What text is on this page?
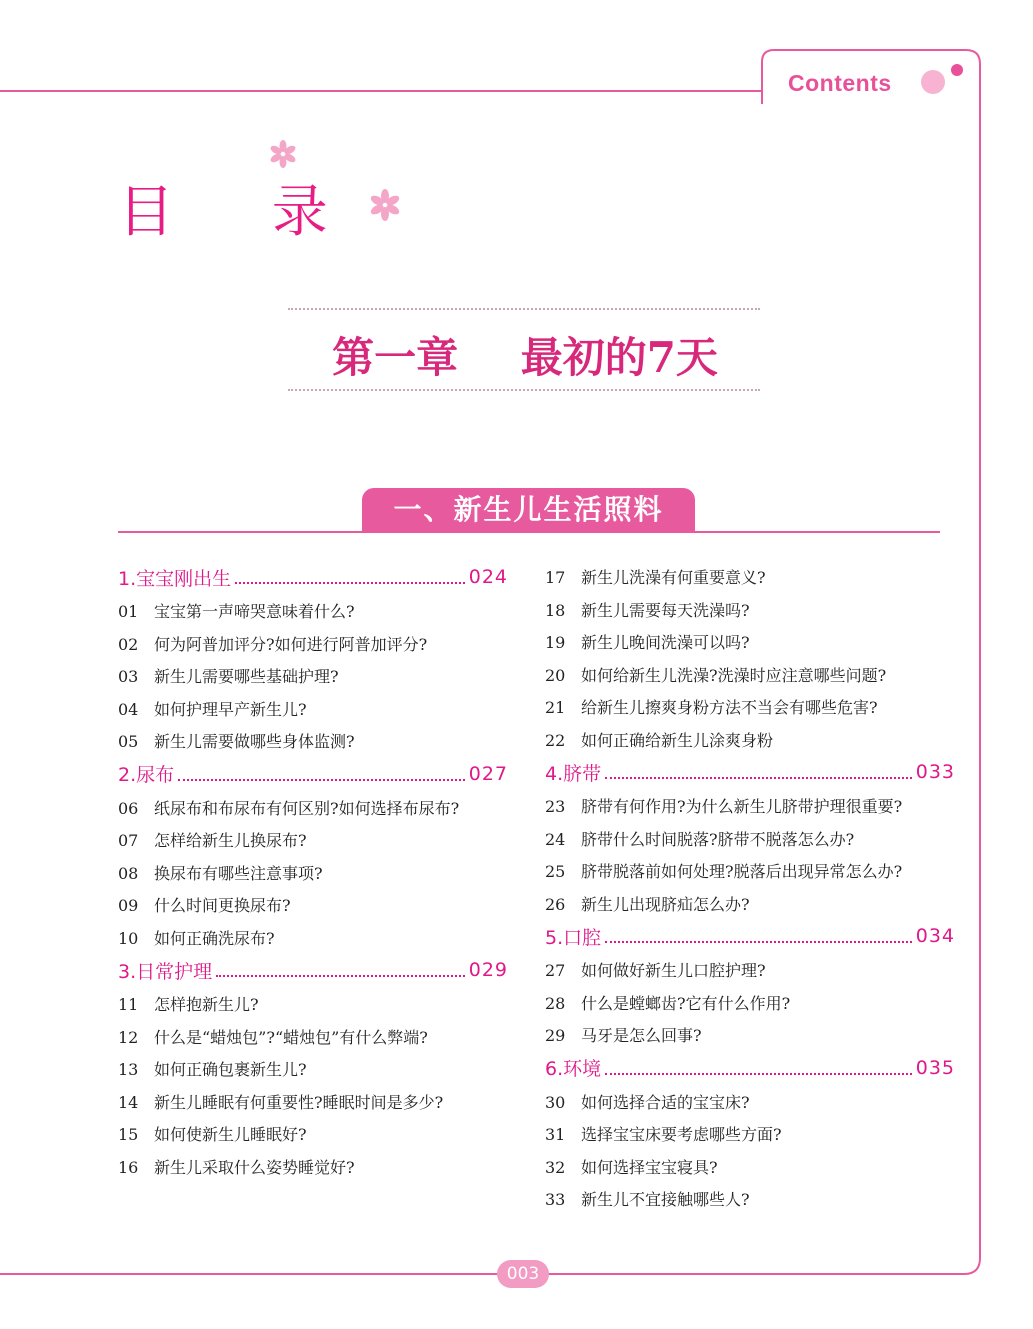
Contents
目 录
第一章 最初的7天
一、新生儿生活照料
1.宝宝刚出生	024
01 宝宝第一声啼哭意味着什么?
02 何为阿普加评分?如何进行阿普加评分?
03 新生儿需要哪些基础护理?
04 如何护理早产新生儿?
05 新生儿需要做哪些身体监测?
2.尿布	027
06 纸尿布和布尿布有何区别?如何选择布尿布?
07 怎样给新生儿换尿布?
08 换尿布有哪些注意事项?
09 什么时间更换尿布?
10 如何正确洗尿布?
3.日常护理	029
11 怎样抱新生儿?
12 什么是“蜡烛包”?“蜡烛包”有什么弊端?
13 如何正确包裹新生儿?
14 新生儿睡眠有何重要性?睡眠时间是多少?
15 如何使新生儿睡眠好?
16 新生儿采取什么姿势睡觉好?
17 新生儿洗澡有何重要意义?
18 新生儿需要每天洗澡吗?
19 新生儿晚间洗澡可以吗?
20 如何给新生儿洗澡?洗澡时应注意哪些问题?
21 给新生儿擦爽身粉方法不当会有哪些危害?
22 如何正确给新生儿涂爽身粉
4.脐带	033
23 脐带有何作用?为什么新生儿脐带护理很重要?
24 脐带什么时间脱落?脐带不脱落怎么办?
25 脐带脱落前如何处理?脱落后出现异常怎么办?
26 新生儿出现脐疝怎么办?
5.口腔	034
27 如何做好新生儿口腔护理?
28 什么是螳螂齿?它有什么作用?
29 马牙是怎么回事?
6.环境	035
30 如何选择合适的宝宝床?
31 选择宝宝床要考虑哪些方面?
32 如何选择宝宝寝具?
33 新生儿不宜接触哪些人?
003
